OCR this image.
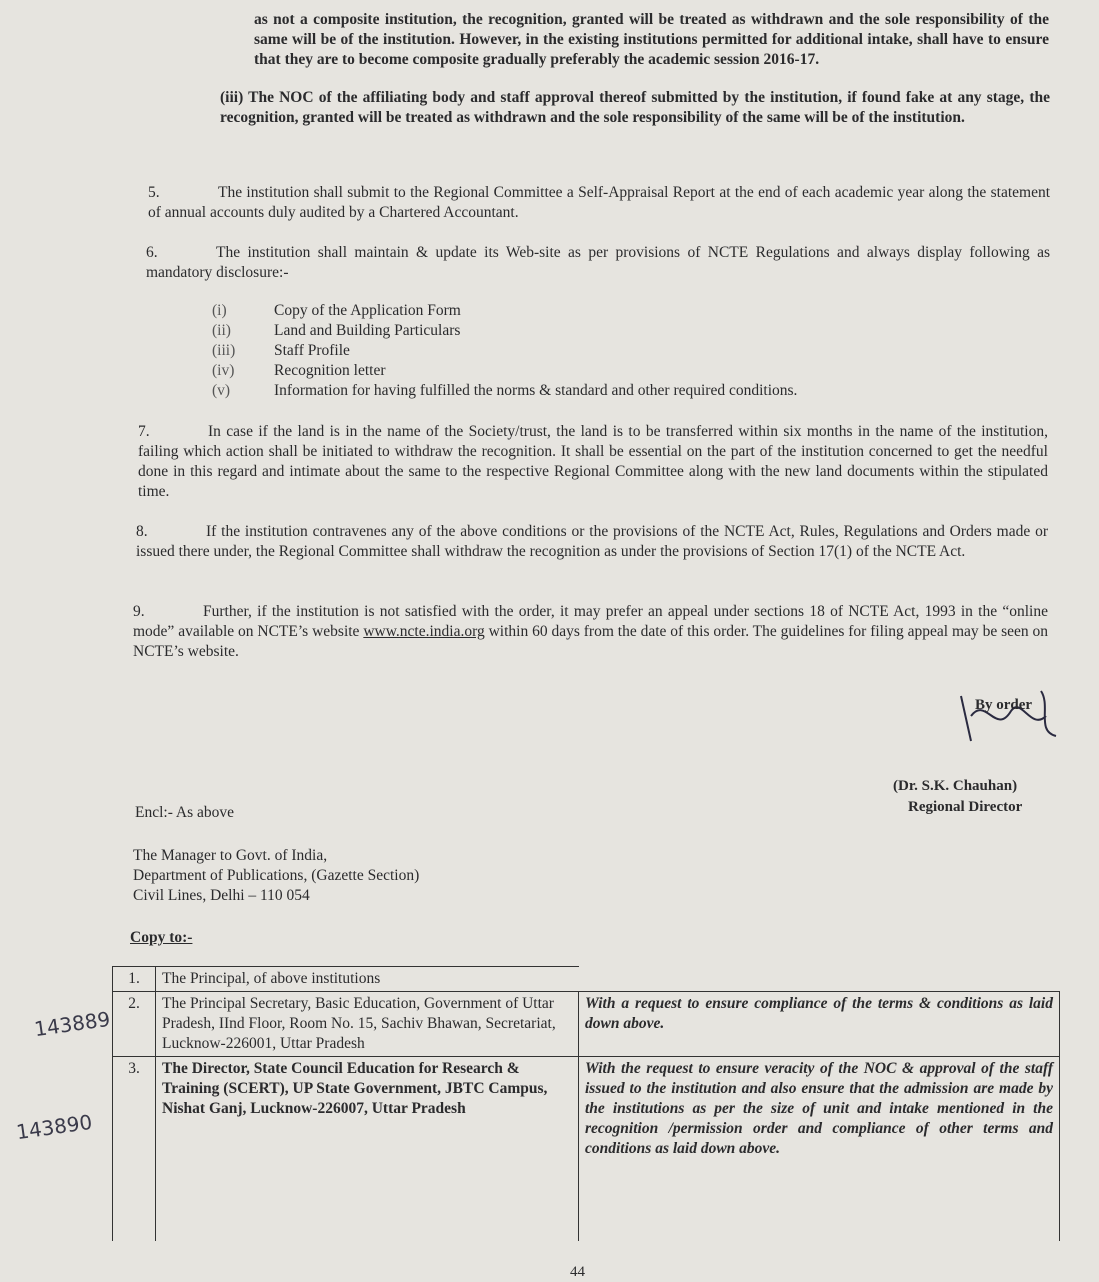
as not a composite institution, the recognition, granted will be treated as withdrawn and the sole responsibility of the same will be of the institution. However, in the existing institutions permitted for additional intake, shall have to ensure that they are to become composite gradually preferably the academic session 2016-17.
(iii) The NOC of the affiliating body and staff approval thereof submitted by the institution, if found fake at any stage, the recognition, granted will be treated as withdrawn and the sole responsibility of the same will be of the institution.
5.	The institution shall submit to the Regional Committee a Self-Appraisal Report at the end of each academic year along the statement of annual accounts duly audited by a Chartered Accountant.
6.	The institution shall maintain & update its Web-site as per provisions of NCTE Regulations and always display following as mandatory disclosure:-
(i)	Copy of the Application Form
(ii)	Land and Building Particulars
(iii)	Staff Profile
(iv)	Recognition letter
(v)	Information for having fulfilled the norms & standard and other required conditions.
7.	In case if the land is in the name of the Society/trust, the land is to be transferred within six months in the name of the institution, failing which action shall be initiated to withdraw the recognition. It shall be essential on the part of the institution concerned to get the needful done in this regard and intimate about the same to the respective Regional Committee along with the new land documents within the stipulated time.
8.	If the institution contravenes any of the above conditions or the provisions of the NCTE Act, Rules, Regulations and Orders made or issued there under, the Regional Committee shall withdraw the recognition as under the provisions of Section 17(1) of the NCTE Act.
9.	Further, if the institution is not satisfied with the order, it may prefer an appeal under sections 18 of NCTE Act, 1993 in the “online mode” available on NCTE’s website www.ncte.india.org within 60 days from the date of this order. The guidelines for filing appeal may be seen on NCTE’s website.
By order
(Dr. S.K. Chauhan)
Regional Director
Encl:- As above
The Manager to Govt. of India,
Department of Publications, (Gazette Section)
Civil Lines, Delhi – 110 054
Copy to:-
1.	The Principal, of above institutions	
2.	The Principal Secretary, Basic Education, Government of Uttar Pradesh, IInd Floor, Room No. 15, Sachiv Bhawan, Secretariat, Lucknow-226001, Uttar Pradesh	With a request to ensure compliance of the terms & conditions as laid down above.
3.	The Director, State Council Education for Research & Training (SCERT), UP State Government, JBTC Campus, Nishat Ganj, Lucknow-226007, Uttar Pradesh	With the request to ensure veracity of the NOC & approval of the staff issued to the institution and also ensure that the admission are made by the institutions as per the size of unit and intake mentioned in the recognition /permission order and compliance of other terms and conditions as laid down above.
143889
143890
44
